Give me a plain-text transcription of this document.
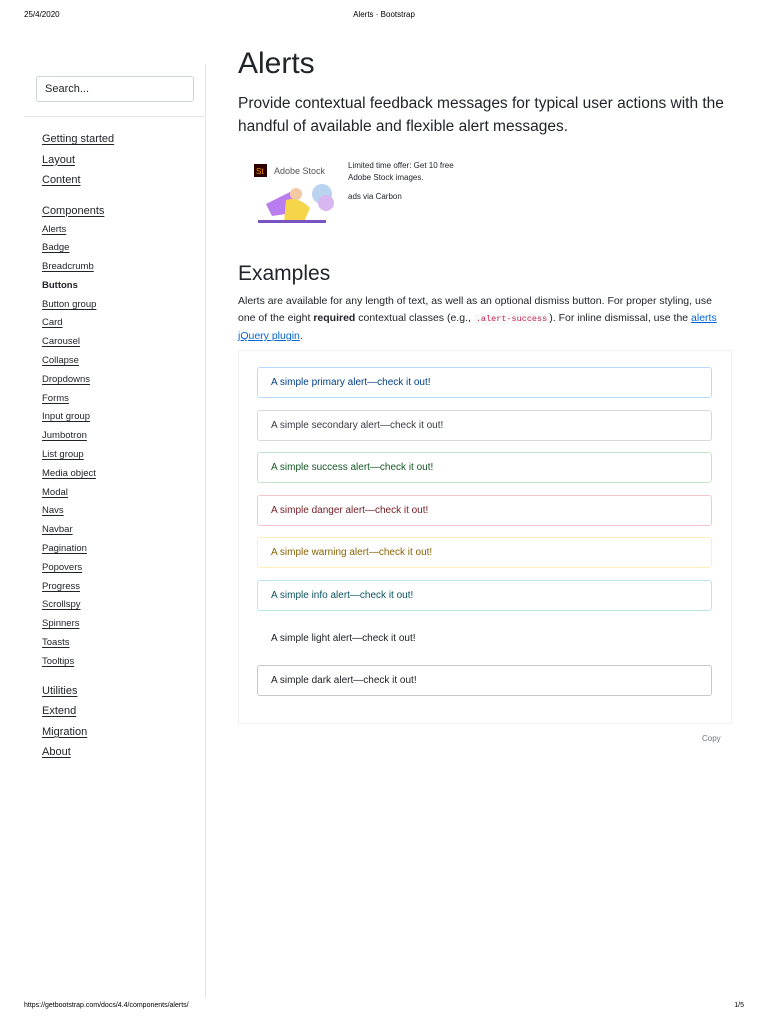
25/4/2020	Alerts · Bootstrap
Search...
Getting started
Layout
Content
Components
Alerts
Badge
Breadcrumb
Buttons
Button group
Card
Carousel
Collapse
Dropdowns
Forms
Input group
Jumbotron
List group
Media object
Modal
Navs
Navbar
Pagination
Popovers
Progress
Scrollspy
Spinners
Toasts
Tooltips
Utilities
Extend
Migration
About
Alerts

Provide contextual feedback messages for typical user actions with the handful of available and flexible alert messages.

St Adobe Stock
Limited time offer: Get 10 free Adobe Stock images.
ads via Carbon
Examples

Alerts are available for any length of text, as well as an optional dismiss button. For proper styling, use one of the eight required contextual classes (e.g., .alert-success ). For inline dismissal, use the alerts jQuery plugin.

A simple primary alert—check it out!
A simple secondary alert—check it out!
A simple success alert—check it out!
A simple danger alert—check it out!
A simple warning alert—check it out!
A simple info alert—check it out!
A simple light alert—check it out!
A simple dark alert—check it out!
Copy
https://getbootstrap.com/docs/4.4/components/alerts/	1/5
